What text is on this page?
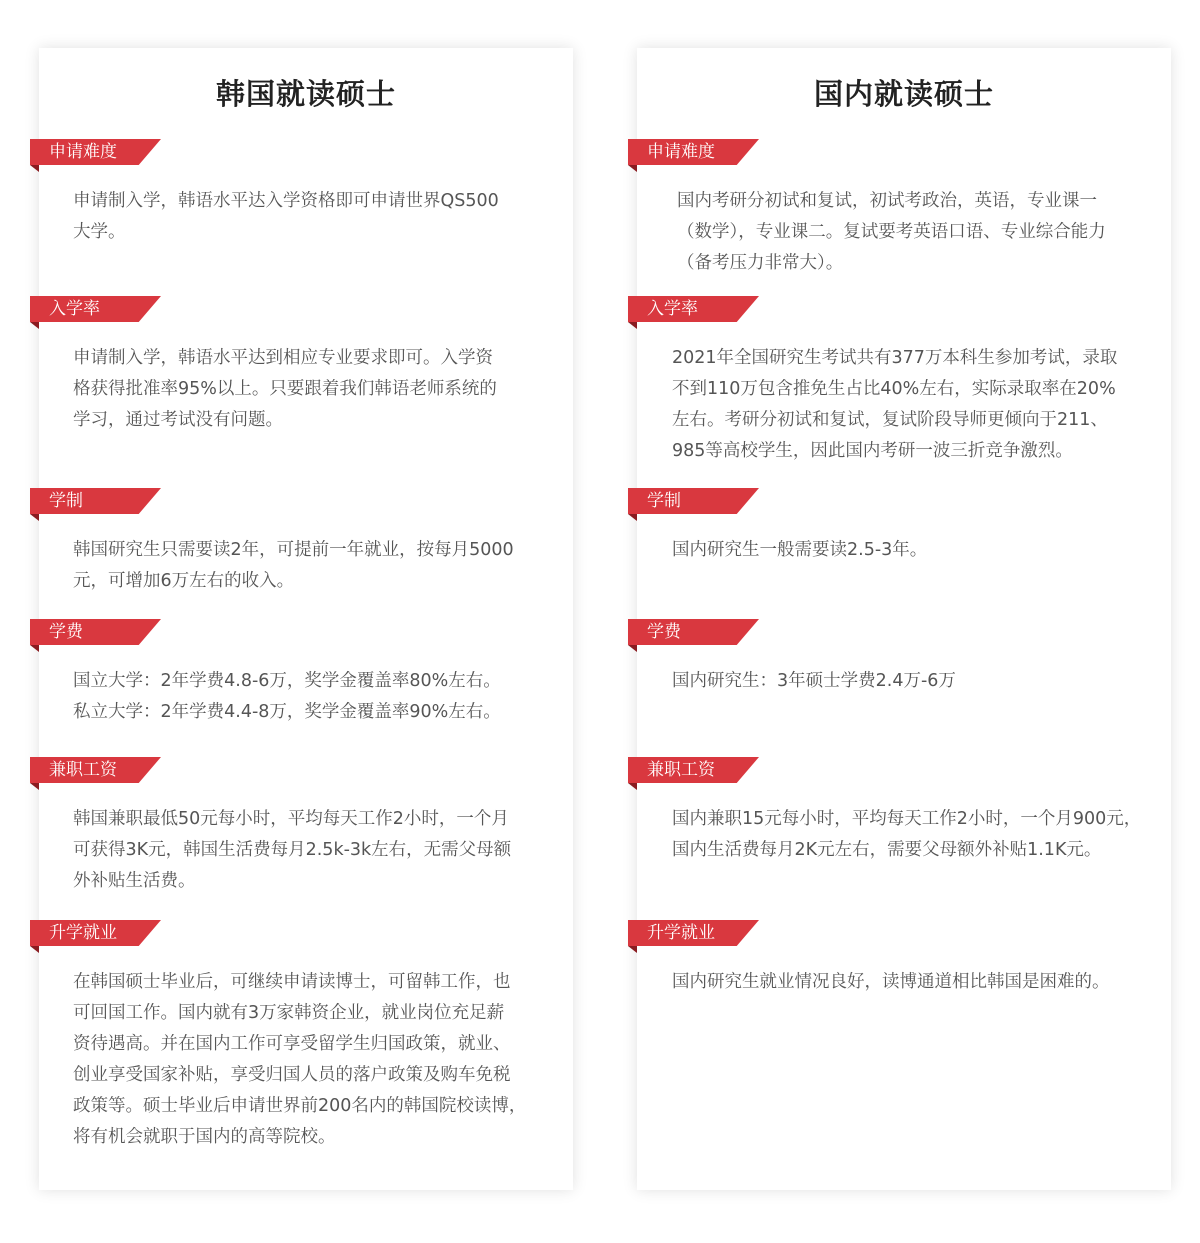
韩国就读硕士
申请难度

申请制入学，韩语水平达入学资格即可申请世界QS500
大学。

入学率

申请制入学，韩语水平达到相应专业要求即可。入学资
格获得批准率95%以上。只要跟着我们韩语老师系统的
学习，通过考试没有问题。

学制

韩国研究生只需要读2年，可提前一年就业，按每月5000
元，可增加6万左右的收入。

学费

国立大学：2年学费4.8-6万，奖学金覆盖率80%左右。
私立大学：2年学费4.4-8万，奖学金覆盖率90%左右。

兼职工资

韩国兼职最低50元每小时，平均每天工作2小时，一个月
可获得3K元，韩国生活费每月2.5k-3k左右，无需父母额
外补贴生活费。

升学就业

在韩国硕士毕业后，可继续申请读博士，可留韩工作，也
可回国工作。国内就有3万家韩资企业，就业岗位充足薪
资待遇高。并在国内工作可享受留学生归国政策，就业、
创业享受国家补贴，享受归国人员的落户政策及购车免税
政策等。硕士毕业后申请世界前200名内的韩国院校读博，
将有机会就职于国内的高等院校。

国内就读硕士
申请难度

国内考研分初试和复试，初试考政治，英语，专业课一
（数学），专业课二。复试要考英语口语、专业综合能力
（备考压力非常大）。

入学率

2021年全国研究生考试共有377万本科生参加考试，录取
不到110万包含推免生占比40%左右，实际录取率在20%
左右。考研分初试和复试，复试阶段导师更倾向于211、
985等高校学生，因此国内考研一波三折竞争激烈。

学制

国内研究生一般需要读2.5-3年。

学费

国内研究生：3年硕士学费2.4万-6万

兼职工资

国内兼职15元每小时，平均每天工作2小时，一个月900元，
国内生活费每月2K元左右，需要父母额外补贴1.1K元。

升学就业

国内研究生就业情况良好，读博通道相比韩国是困难的。
